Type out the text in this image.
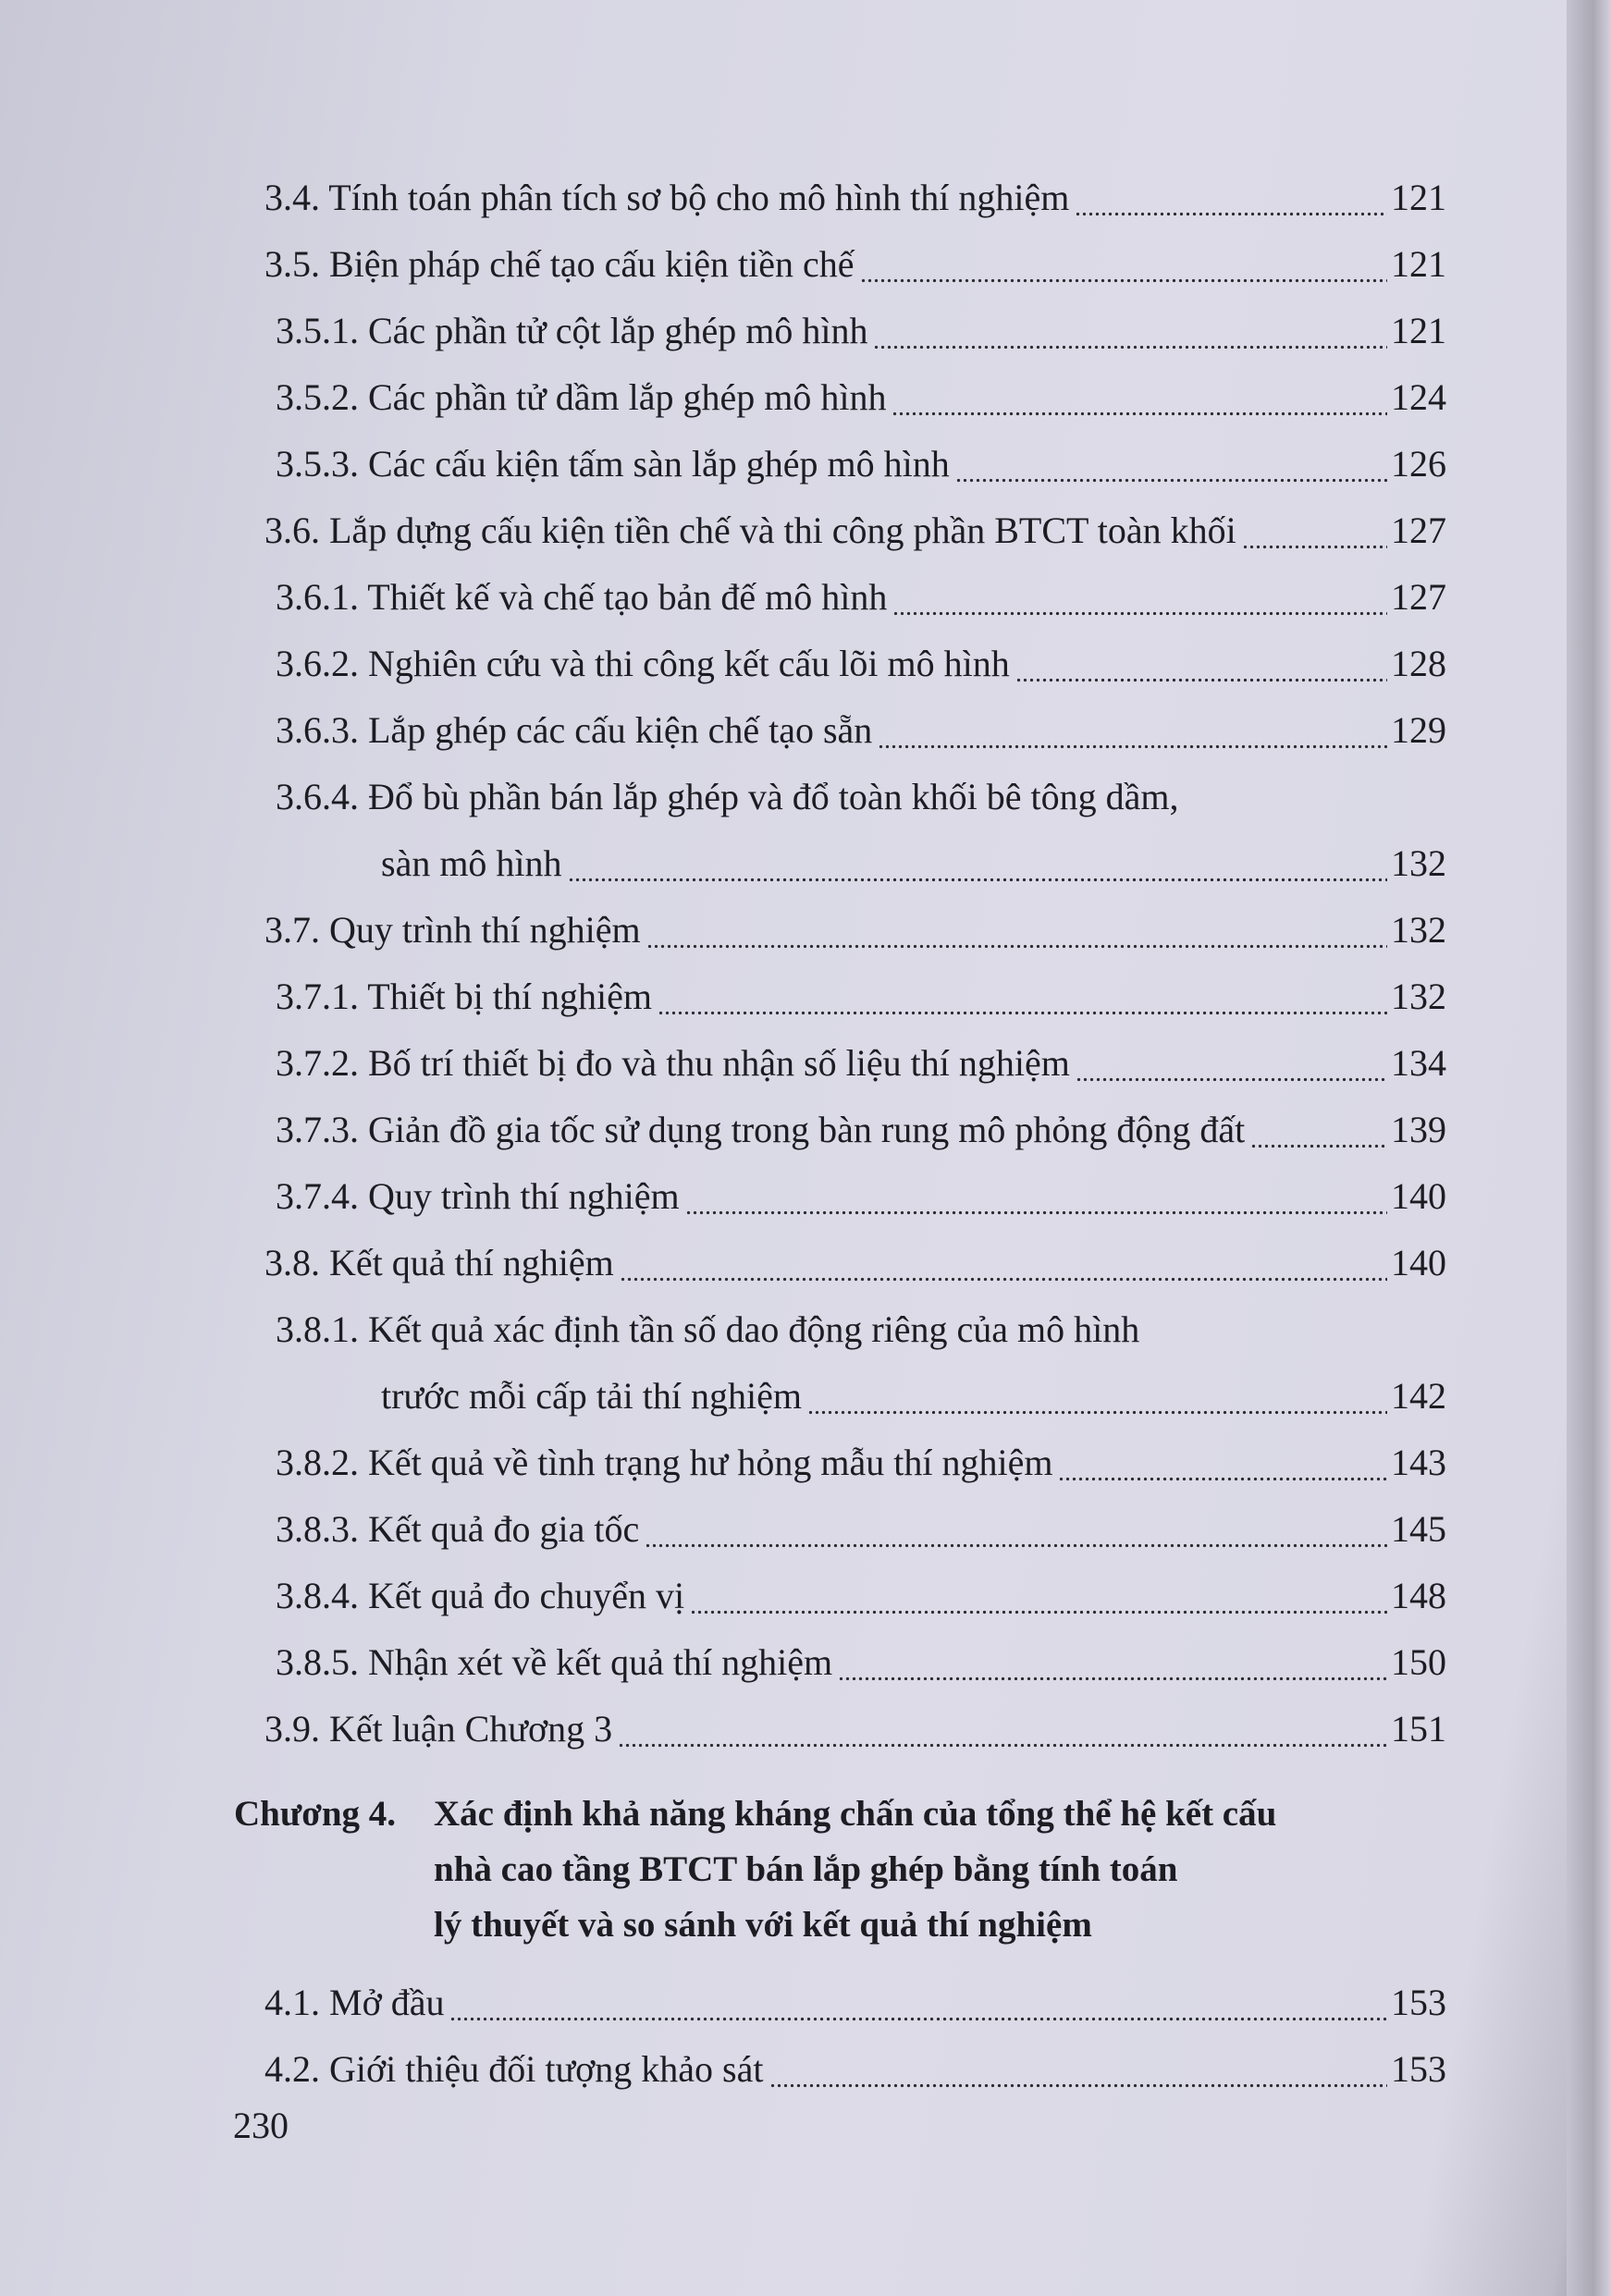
3.4. Tính toán phân tích sơ bộ cho mô hình thí nghiệm	121
3.5. Biện pháp chế tạo cấu kiện tiền chế	121
3.5.1. Các phần tử cột lắp ghép mô hình	121
3.5.2. Các phần tử dầm lắp ghép mô hình	124
3.5.3. Các cấu kiện tấm sàn lắp ghép mô hình	126
3.6. Lắp dựng cấu kiện tiền chế và thi công phần BTCT toàn khối	127
3.6.1. Thiết kế và chế tạo bản đế mô hình	127
3.6.2. Nghiên cứu và thi công kết cấu lõi mô hình	128
3.6.3. Lắp ghép các cấu kiện chế tạo sẵn	129
3.6.4. Đổ bù phần bán lắp ghép và đổ toàn khối bê tông dầm,
sàn mô hình	132
3.7. Quy trình thí nghiệm	132
3.7.1. Thiết bị thí nghiệm	132
3.7.2. Bố trí thiết bị đo và thu nhận số liệu thí nghiệm	134
3.7.3. Giản đồ gia tốc sử dụng trong bàn rung mô phỏng động đất	139
3.7.4. Quy trình thí nghiệm	140
3.8. Kết quả thí nghiệm	140
3.8.1. Kết quả xác định tần số dao động riêng của mô hình
trước mỗi cấp tải thí nghiệm	142
3.8.2. Kết quả về tình trạng hư hỏng mẫu thí nghiệm	143
3.8.3. Kết quả đo gia tốc	145
3.8.4. Kết quả đo chuyển vị	148
3.8.5. Nhận xét về kết quả thí nghiệm	150
3.9. Kết luận Chương 3	151
Chương 4. Xác định khả năng kháng chấn của tổng thể hệ kết cấu
nhà cao tầng BTCT bán lắp ghép bằng tính toán
lý thuyết và so sánh với kết quả thí nghiệm
4.1. Mở đầu	153
4.2. Giới thiệu đối tượng khảo sát	153
230
